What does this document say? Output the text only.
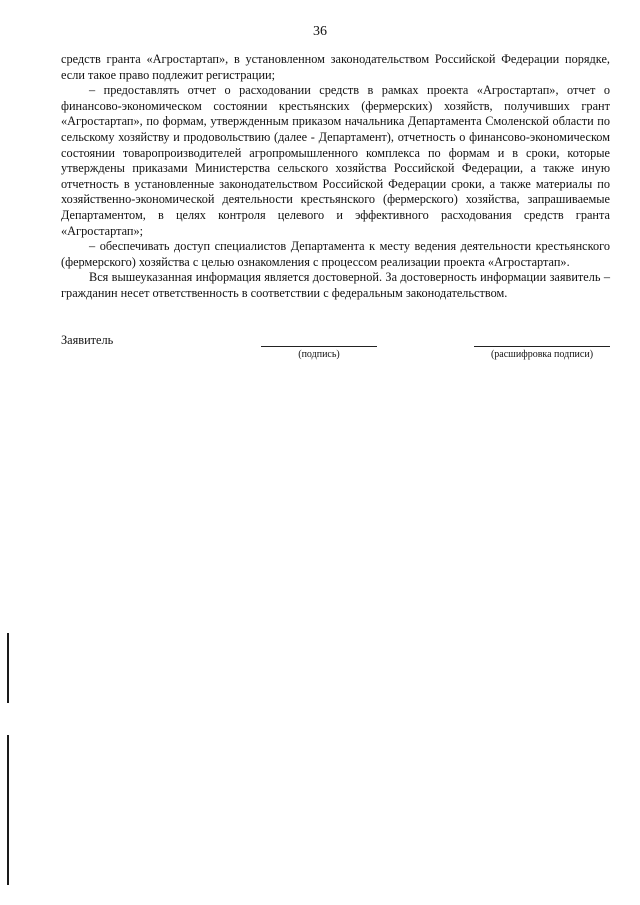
36

средств гранта «Агростартап», в установленном законодательством Российской Федерации порядке, если такое право подлежит регистрации;

– предоставлять отчет о расходовании средств в рамках проекта «Агростартап», отчет о финансово-экономическом состоянии крестьянских (фермерских) хозяйств, получивших грант «Агростартап», по формам, утвержденным приказом начальника Департамента Смоленской области по сельскому хозяйству и продовольствию (далее - Департамент), отчетность о финансово-экономическом состоянии товаропроизводителей агропромышленного комплекса по формам и в сроки, которые утверждены приказами Министерства сельского хозяйства Российской Федерации, а также иную отчетность в установленные законодательством Российской Федерации сроки, а также материалы по хозяйственно-экономической деятельности крестьянского (фермерского) хозяйства, запрашиваемые Департаментом, в целях контроля целевого и эффективного расходования средств гранта «Агростартап»;

– обеспечивать доступ специалистов Департамента к месту ведения деятельности крестьянского (фермерского) хозяйства с целью ознакомления с процессом реализации проекта «Агростартап».

Вся вышеуказанная информация является достоверной. За достоверность информации заявитель – гражданин несет ответственность в соответствии с федеральным законодательством.

Заявитель
(подпись)	(расшифровка подписи)
